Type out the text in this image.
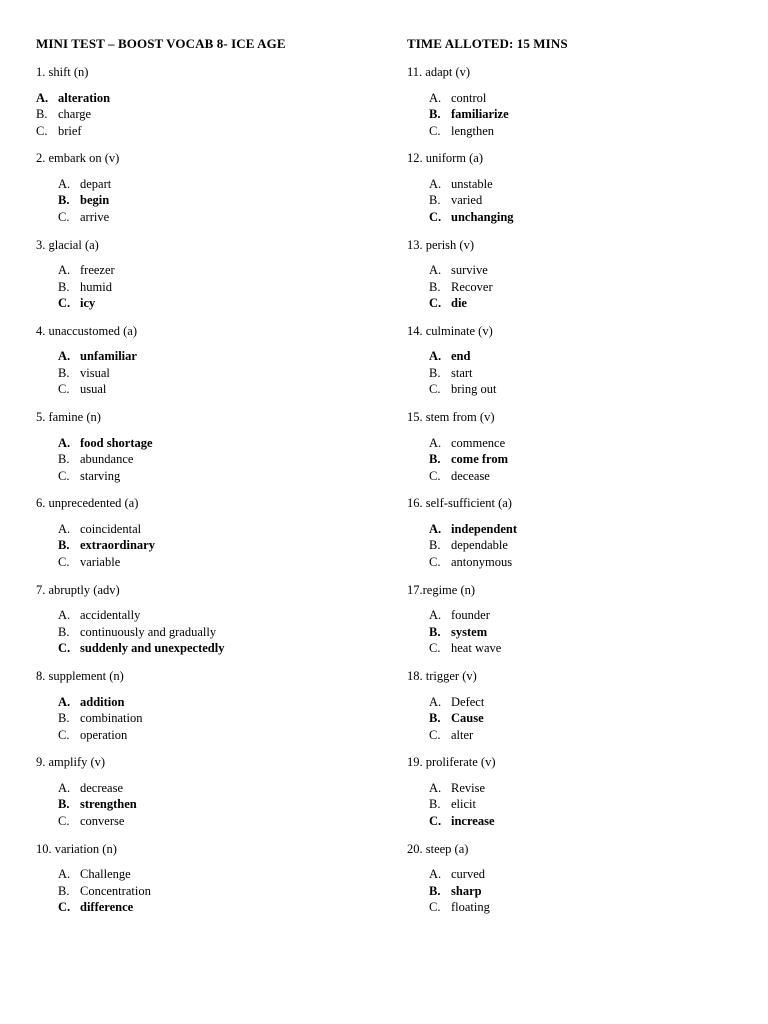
MINI TEST – BOOST VOCAB 8- ICE AGE	TIME ALLOTED: 15 MINS
1. shift (n)
A. alteration
B. charge
C. brief
2. embark on (v)
A. depart
B. begin
C. arrive
3. glacial (a)
A. freezer
B. humid
C. icy
4. unaccustomed (a)
A. unfamiliar
B. visual
C. usual
5. famine (n)
A. food shortage
B. abundance
C. starving
6. unprecedented (a)
A. coincidental
B. extraordinary
C. variable
7. abruptly (adv)
A. accidentally
B. continuously and gradually
C. suddenly and unexpectedly
8. supplement (n)
A. addition
B. combination
C. operation
9. amplify (v)
A. decrease
B. strengthen
C. converse
10. variation (n)
A. Challenge
B. Concentration
C. difference
11. adapt (v)
A. control
B. familiarize
C. lengthen
12. uniform (a)
A. unstable
B. varied
C. unchanging
13. perish (v)
A. survive
B. Recover
C. die
14. culminate (v)
A. end
B. start
C. bring out
15. stem from (v)
A. commence
B. come from
C. decease
16. self-sufficient (a)
A. independent
B. dependable
C. antonymous
17.regime (n)
A. founder
B. system
C. heat wave
18. trigger (v)
A. Defect
B. Cause
C. alter
19. proliferate (v)
A. Revise
B. elicit
C. increase
20. steep (a)
A. curved
B. sharp
C. floating
